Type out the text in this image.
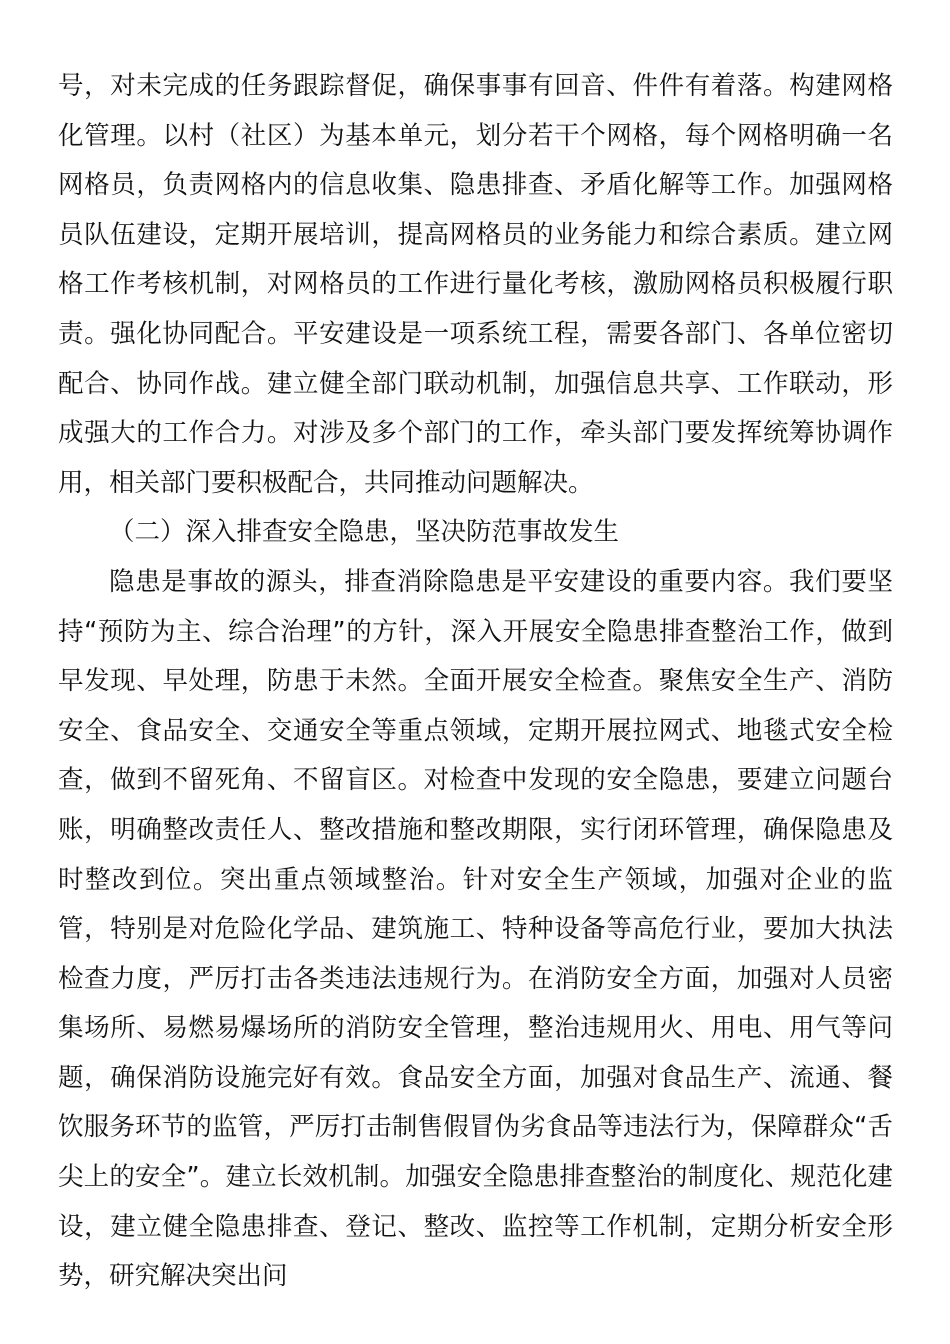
号，对未完成的任务跟踪督促，确保事事有回音、件件有着落。构建网格化管理。以村（社区）为基本单元，划分若干个网格，每个网格明确一名网格员，负责网格内的信息收集、隐患排查、矛盾化解等工作。加强网格员队伍建设，定期开展培训，提高网格员的业务能力和综合素质。建立网格工作考核机制，对网格员的工作进行量化考核，激励网格员积极履行职责。强化协同配合。平安建设是一项系统工程，需要各部门、各单位密切配合、协同作战。建立健全部门联动机制，加强信息共享、工作联动，形成强大的工作合力。对涉及多个部门的工作，牵头部门要发挥统筹协调作用，相关部门要积极配合，共同推动问题解决。

（二）深入排查安全隐患，坚决防范事故发生

隐患是事故的源头，排查消除隐患是平安建设的重要内容。我们要坚持“预防为主、综合治理”的方针，深入开展安全隐患排查整治工作，做到早发现、早处理，防患于未然。全面开展安全检查。聚焦安全生产、消防安全、食品安全、交通安全等重点领域，定期开展拉网式、地毯式安全检查，做到不留死角、不留盲区。对检查中发现的安全隐患，要建立问题台账，明确整改责任人、整改措施和整改期限，实行闭环管理，确保隐患及时整改到位。突出重点领域整治。针对安全生产领域，加强对企业的监管，特别是对危险化学品、建筑施工、特种设备等高危行业，要加大执法检查力度，严厉打击各类违法违规行为。在消防安全方面，加强对人员密集场所、易燃易爆场所的消防安全管理，整治违规用火、用电、用气等问题，确保消防设施完好有效。食品安全方面，加强对食品生产、流通、餐饮服务环节的监管，严厉打击制售假冒伪劣食品等违法行为，保障群众“舌尖上的安全”。建立长效机制。加强安全隐患排查整治的制度化、规范化建设，建立健全隐患排查、登记、整改、监控等工作机制，定期分析安全形势，研究解决突出问
